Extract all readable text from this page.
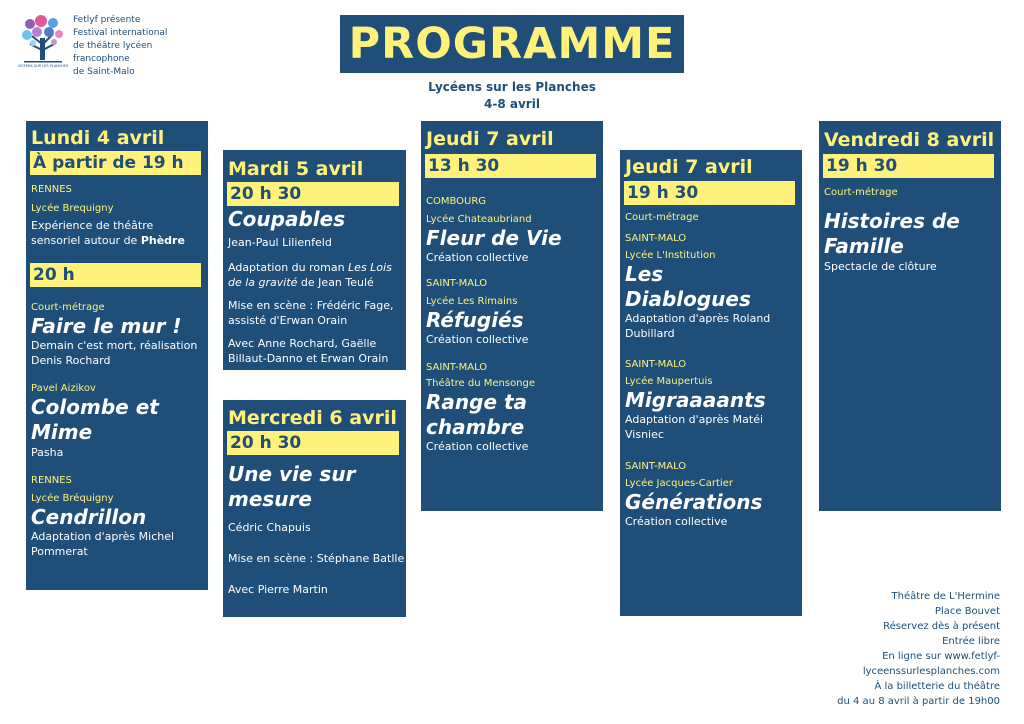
LYCÉENS SUR LES PLANCHES
Fetlyf présente
Festival international
de théâtre lycéen
francophone
de Saint-Malo
PROGRAMME
Lycéens sur les Planches
4-8 avril
Lundi 4 avril
À partir de 19 h
RENNES
Lycée Brequigny
Expérience de théâtre sensoriel autour de Phèdre
20 h
Court-métrage
Faire le mur !
Demain c'est mort, réalisation Denis Rochard
Pavel Aizikov
Colombe et Mime
Pasha
RENNES
Lycée Bréquigny
Cendrillon
Adaptation d'après Michel Pommerat
Mardi 5 avril
20 h 30
Coupables
Jean-Paul Lilienfeld
Adaptation du roman Les Lois de la gravité de Jean Teulé
Mise en scène : Frédéric Fage, assisté d'Erwan Orain
Avec Anne Rochard, Gaëlle Billaut-Danno et Erwan Orain
Mercredi 6 avril
20 h 30
Une vie sur mesure
Cédric Chapuis
Mise en scène : Stéphane Batlle
Avec Pierre Martin
Jeudi 7 avril
13 h 30
COMBOURG
Lycée Chateaubriand
Fleur de Vie
Création collective
SAINT-MALO
Lycée Les Rimains
Réfugiés
Création collective
SAINT-MALO
Théâtre du Mensonge
Range ta chambre
Création collective
Jeudi 7 avril
19 h 30
Court-métrage
SAINT-MALO
Lycée L'Institution
Les Diablogues
Adaptation d'après Roland Dubillard
SAINT-MALO
Lycée Maupertuis
Migraaaants
Adaptation d'après Matéi Visniec
SAINT-MALO
Lycée Jacques-Cartier
Générations
Création collective
Vendredi 8 avril
19 h 30
Court-métrage
Histoires de Famille
Spectacle de clôture
Théâtre de L'Hermine
Place Bouvet
Réservez dès à présent
Entrée libre
En ligne sur www.fetlyf-
lyceenssurlesplanches.com
À la billetterie du théâtre
du 4 au 8 avril à partir de 19h00
